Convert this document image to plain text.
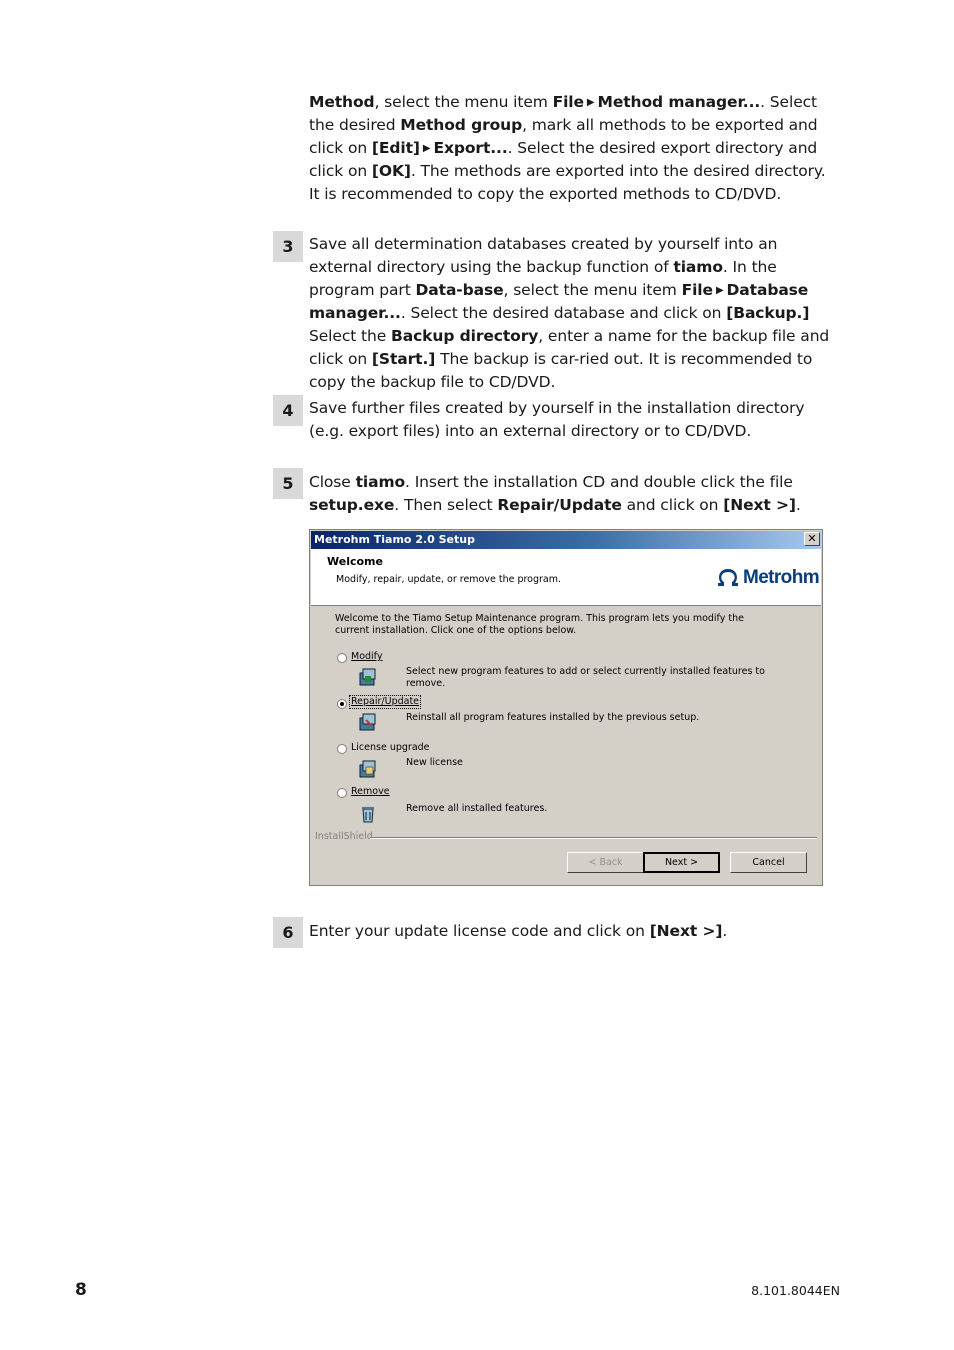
Method, select the menu item File ▶ Method manager.... Select the desired Method group, mark all methods to be exported and click on [Edit] ▶ Export.... Select the desired export directory and click on [OK]. The methods are exported into the desired directory. It is recommended to copy the exported methods to CD/DVD.
3 Save all determination databases created by yourself into an external directory using the backup function of tiamo. In the program part Data-base, select the menu item File ▶ Database manager.... Select the desired database and click on [Backup.] Select the Backup directory, enter a name for the backup file and click on [Start.] The backup is car-ried out. It is recommended to copy the backup file to CD/DVD.
4 Save further files created by yourself in the installation directory (e.g. export files) into an external directory or to CD/DVD.
5 Close tiamo. Insert the installation CD and double click the file setup.exe. Then select Repair/Update and click on [Next >].
Metrohm Tiamo 2.0 Setup	✕
Welcome
Modify, repair, update, or remove the program.	Metrohm
Welcome to the Tiamo Setup Maintenance program. This program lets you modify the current installation. Click one of the options below.
Modify
Select new program features to add or select currently installed features to remove.
Repair/Update
Reinstall all program features installed by the previous setup.
License upgrade
New license
Remove
Remove all installed features.
InstallShield
< Back	Next >	Cancel
6 Enter your update license code and click on [Next >].
8	8.101.8044EN
